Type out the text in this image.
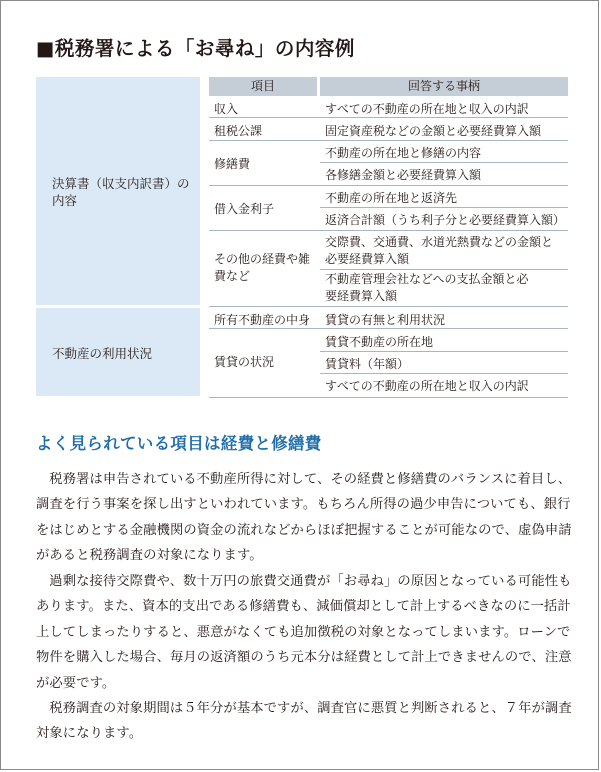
■税務署による「お尋ね」の内容例
決算書（収支内訳書）の内容
不動産の利用状況
項目	回答する事柄
収入
租税公課
修繕費
借入金利子
その他の経費や雑費など
所有不動産の中身
賃貸の状況
すべての不動産の所在地と収入の内訳
固定資産税などの金額と必要経費算入額
不動産の所在地と修繕の内容
各修繕金額と必要経費算入額
不動産の所在地と返済先
返済合計額（うち利子分と必要経費算入額）
交際費、交通費、水道光熱費などの金額と必要経費算入額
不動産管理会社などへの支払金額と必要経費算入額
賃貸の有無と利用状況
賃貸不動産の所在地
賃貸料（年額）
すべての不動産の所在地と収入の内訳
よく見られている項目は経費と修繕費
税務署は申告されている不動産所得に対して、その経費と修繕費のバランスに着目し、調査を行う事案を探し出すといわれています。もちろん所得の過少申告についても、銀行をはじめとする金融機関の資金の流れなどからほぼ把握することが可能なので、虚偽申請があると税務調査の対象になります。
過剰な接待交際費や、数十万円の旅費交通費が「お尋ね」の原因となっている可能性もあります。また、資本的支出である修繕費も、減価償却として計上するべきなのに一括計上してしまったりすると、悪意がなくても追加徴税の対象となってしまいます。ローンで物件を購入した場合、毎月の返済額のうち元本分は経費として計上できませんので、注意が必要です。
税務調査の対象期間は５年分が基本ですが、調査官に悪質と判断されると、７年が調査対象になります。
